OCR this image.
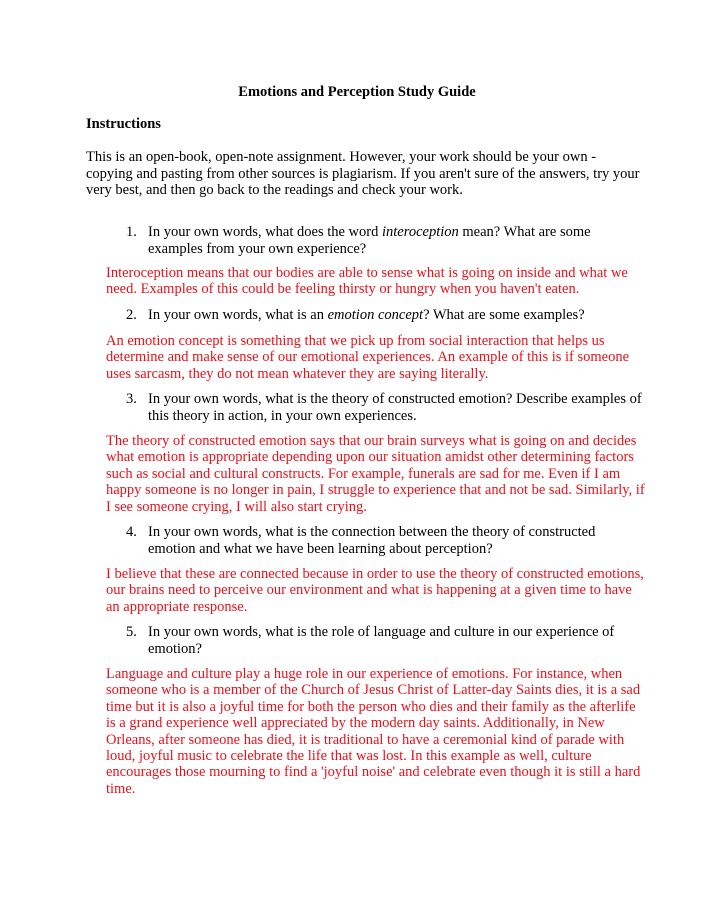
Emotions and Perception Study Guide
Instructions
This is an open-book, open-note assignment. However, your work should be your own - copying and pasting from other sources is plagiarism. If you aren't sure of the answers, try your very best, and then go back to the readings and check your work.
1. In your own words, what does the word interoception mean? What are some examples from your own experience?
Interoception means that our bodies are able to sense what is going on inside and what we need. Examples of this could be feeling thirsty or hungry when you haven't eaten.
2. In your own words, what is an emotion concept? What are some examples?
An emotion concept is something that we pick up from social interaction that helps us determine and make sense of our emotional experiences. An example of this is if someone uses sarcasm, they do not mean whatever they are saying literally.
3. In your own words, what is the theory of constructed emotion? Describe examples of this theory in action, in your own experiences.
The theory of constructed emotion says that our brain surveys what is going on and decides what emotion is appropriate depending upon our situation amidst other determining factors such as social and cultural constructs. For example, funerals are sad for me. Even if I am happy someone is no longer in pain, I struggle to experience that and not be sad. Similarly, if I see someone crying, I will also start crying.
4. In your own words, what is the connection between the theory of constructed emotion and what we have been learning about perception?
I believe that these are connected because in order to use the theory of constructed emotions, our brains need to perceive our environment and what is happening at a given time to have an appropriate response.
5. In your own words, what is the role of language and culture in our experience of emotion?
Language and culture play a huge role in our experience of emotions. For instance, when someone who is a member of the Church of Jesus Christ of Latter-day Saints dies, it is a sad time but it is also a joyful time for both the person who dies and their family as the afterlife is a grand experience well appreciated by the modern day saints. Additionally, in New Orleans, after someone has died, it is traditional to have a ceremonial kind of parade with loud, joyful music to celebrate the life that was lost. In this example as well, culture encourages those mourning to find a 'joyful noise' and celebrate even though it is still a hard time.
